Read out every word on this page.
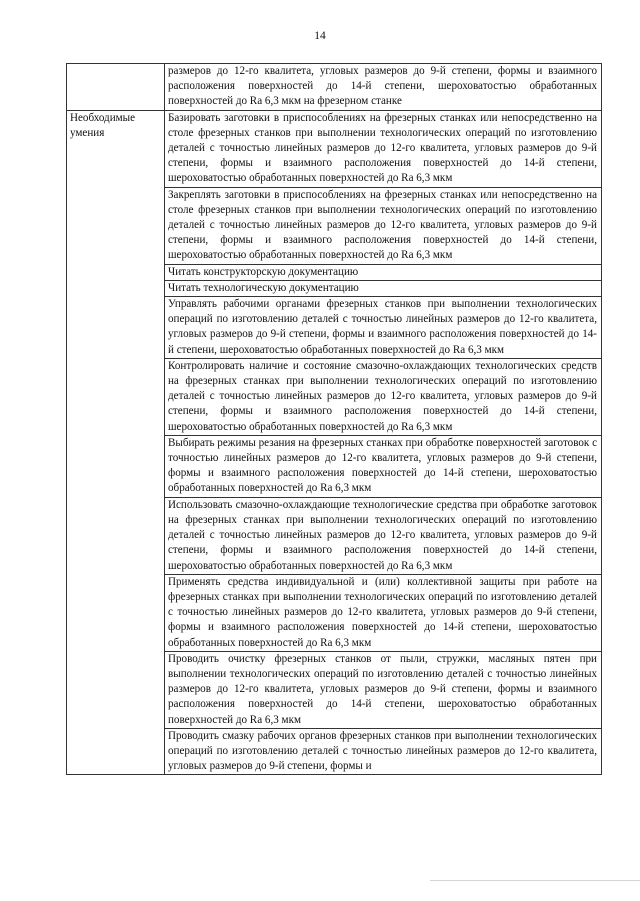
14
	размеров до 12-го квалитета, угловых размеров до 9-й степени, формы и взаимного расположения поверхностей до 14-й степени, шероховатостью обработанных поверхностей до Ra 6,3 мкм на фрезерном станке

Необходимые
умения	Базировать заготовки в приспособлениях на фрезерных станках или непосредственно на столе фрезерных станков при выполнении технологических операций по изготовлению деталей с точностью линейных размеров до 12-го квалитета, угловых размеров до 9-й степени, формы и взаимного расположения поверхностей до 14-й степени, шероховатостью обработанных поверхностей до Ra 6,3 мкм
	Закреплять заготовки в приспособлениях на фрезерных станках или непосредственно на столе фрезерных станков при выполнении технологических операций по изготовлению деталей с точностью линейных размеров до 12-го квалитета, угловых размеров до 9-й степени, формы и взаимного расположения поверхностей до 14-й степени, шероховатостью обработанных поверхностей до Ra 6,3 мкм
	Читать конструкторскую документацию
	Читать технологическую документацию
	Управлять рабочими органами фрезерных станков при выполнении технологических операций по изготовлению деталей с точностью линейных размеров до 12-го квалитета, угловых размеров до 9-й степени, формы и взаимного расположения поверхностей до 14-й степени, шероховатостью обработанных поверхностей до Ra 6,3 мкм
	Контролировать наличие и состояние смазочно-охлаждающих технологических средств на фрезерных станках при выполнении технологических операций по изготовлению деталей с точностью линейных размеров до 12-го квалитета, угловых размеров до 9-й степени, формы и взаимного расположения поверхностей до 14-й степени, шероховатостью обработанных поверхностей до Ra 6,3 мкм
	Выбирать режимы резания на фрезерных станках при обработке поверхностей заготовок с точностью линейных размеров до 12-го квалитета, угловых размеров до 9-й степени, формы и взаимного расположения поверхностей до 14-й степени, шероховатостью обработанных поверхностей до Ra 6,3 мкм
	Использовать смазочно-охлаждающие технологические средства при обработке заготовок на фрезерных станках при выполнении технологических операций по изготовлению деталей с точностью линейных размеров до 12-го квалитета, угловых размеров до 9-й степени, формы и взаимного расположения поверхностей до 14-й степени, шероховатостью обработанных поверхностей до Ra 6,3 мкм
	Применять средства индивидуальной и (или) коллективной защиты при работе на фрезерных станках при выполнении технологических операций по изготовлению деталей с точностью линейных размеров до 12-го квалитета, угловых размеров до 9-й степени, формы и взаимного расположения поверхностей до 14-й степени, шероховатостью обработанных поверхностей до Ra 6,3 мкм
	Проводить очистку фрезерных станков от пыли, стружки, масляных пятен при выполнении технологических операций по изготовлению деталей с точностью линейных размеров до 12-го квалитета, угловых размеров до 9-й степени, формы и взаимного расположения поверхностей до 14-й степени, шероховатостью обработанных поверхностей до Ra 6,3 мкм
	Проводить смазку рабочих органов фрезерных станков при выполнении технологических операций по изготовлению деталей с точностью линейных размеров до 12-го квалитета, угловых размеров до 9-й степени, формы и
